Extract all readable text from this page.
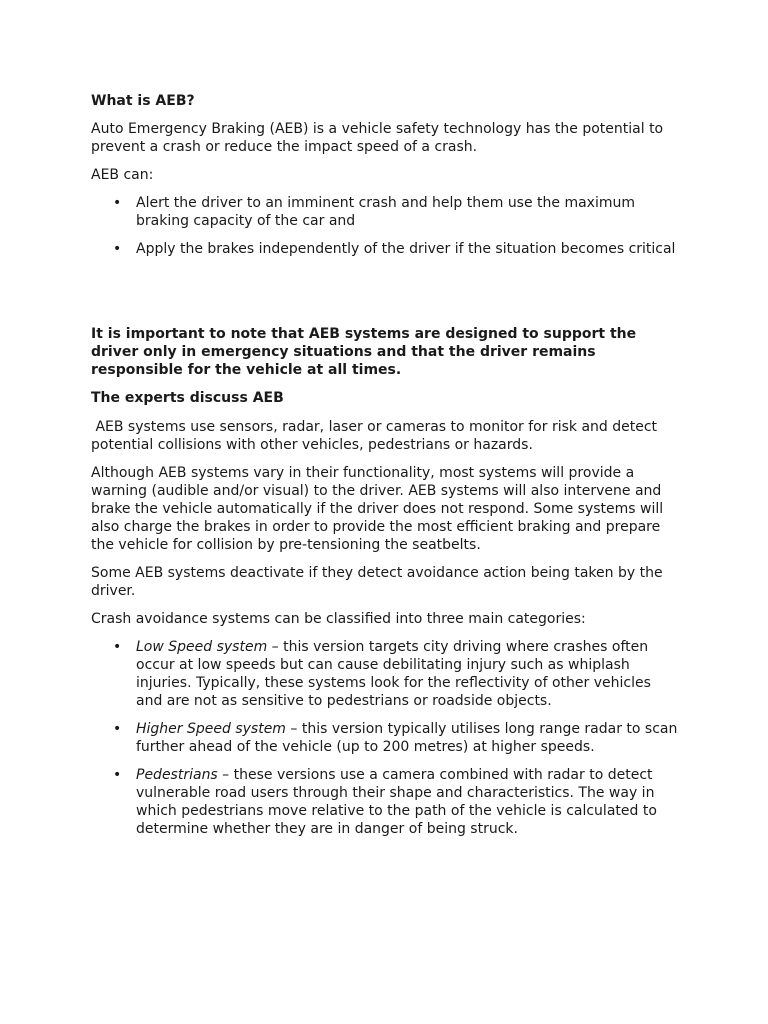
What is AEB?

Auto Emergency Braking (AEB) is a vehicle safety technology has the potential to prevent a crash or reduce the impact speed of a crash.

AEB can:

• Alert the driver to an imminent crash and help them use the maximum braking capacity of the car and
• Apply the brakes independently of the driver if the situation becomes critical

It is important to note that AEB systems are designed to support the driver only in emergency situations and that the driver remains responsible for the vehicle at all times.

The experts discuss AEB

AEB systems use sensors, radar, laser or cameras to monitor for risk and detect potential collisions with other vehicles, pedestrians or hazards.

Although AEB systems vary in their functionality, most systems will provide a warning (audible and/or visual) to the driver. AEB systems will also intervene and brake the vehicle automatically if the driver does not respond. Some systems will also charge the brakes in order to provide the most efficient braking and prepare the vehicle for collision by pre-tensioning the seatbelts.

Some AEB systems deactivate if they detect avoidance action being taken by the driver.

Crash avoidance systems can be classified into three main categories:

• Low Speed system – this version targets city driving where crashes often occur at low speeds but can cause debilitating injury such as whiplash injuries. Typically, these systems look for the reflectivity of other vehicles and are not as sensitive to pedestrians or roadside objects.
• Higher Speed system – this version typically utilises long range radar to scan further ahead of the vehicle (up to 200 metres) at higher speeds.
• Pedestrians – these versions use a camera combined with radar to detect vulnerable road users through their shape and characteristics. The way in which pedestrians move relative to the path of the vehicle is calculated to determine whether they are in danger of being struck.
